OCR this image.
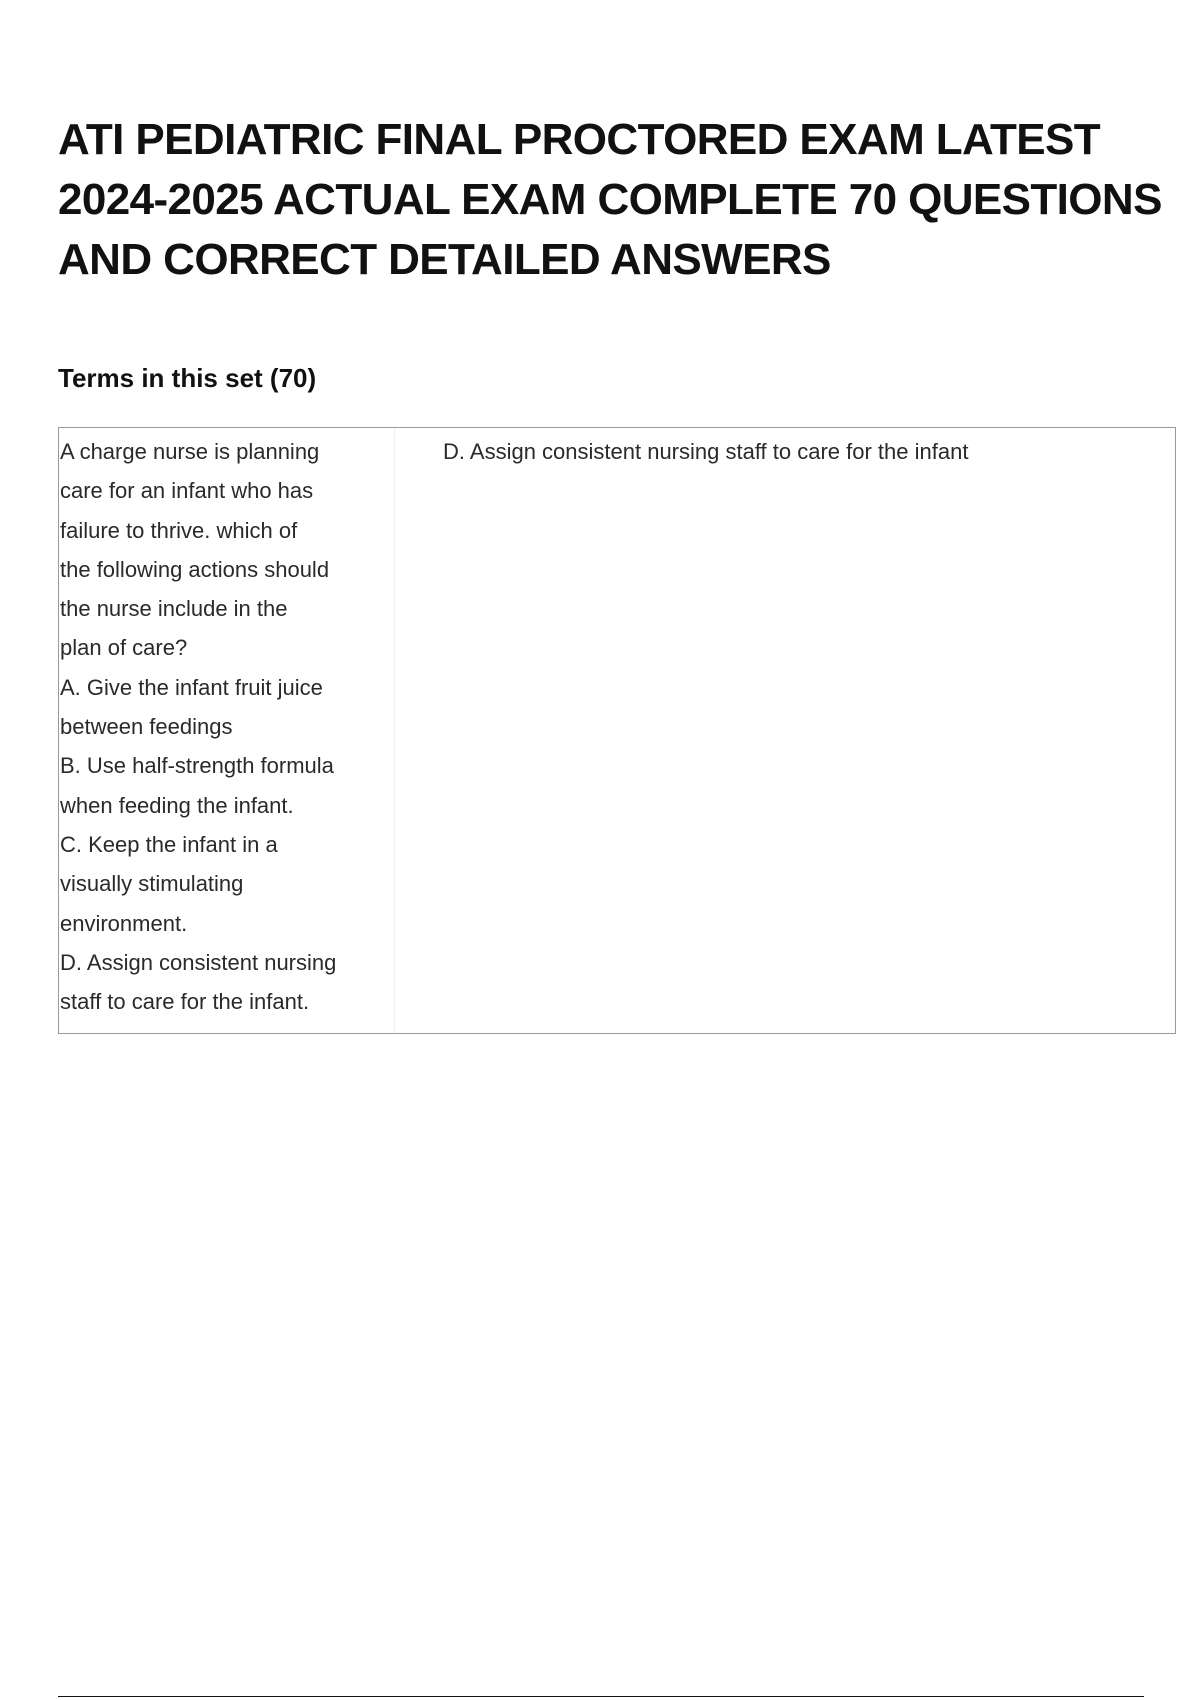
ATI PEDIATRIC FINAL PROCTORED EXAM LATEST 2024-2025 ACTUAL EXAM COMPLETE 70 QUESTIONS AND CORRECT DETAILED ANSWERS
Terms in this set (70)
A charge nurse is planning
care for an infant who has
failure to thrive. which of
the following actions should
the nurse include in the
plan of care?
A. Give the infant fruit juice
between feedings
B. Use half-strength formula
when feeding the infant.
C. Keep the infant in a
visually stimulating
environment.
D. Assign consistent nursing
staff to care for the infant.
D. Assign consistent nursing staff to care for the infant
